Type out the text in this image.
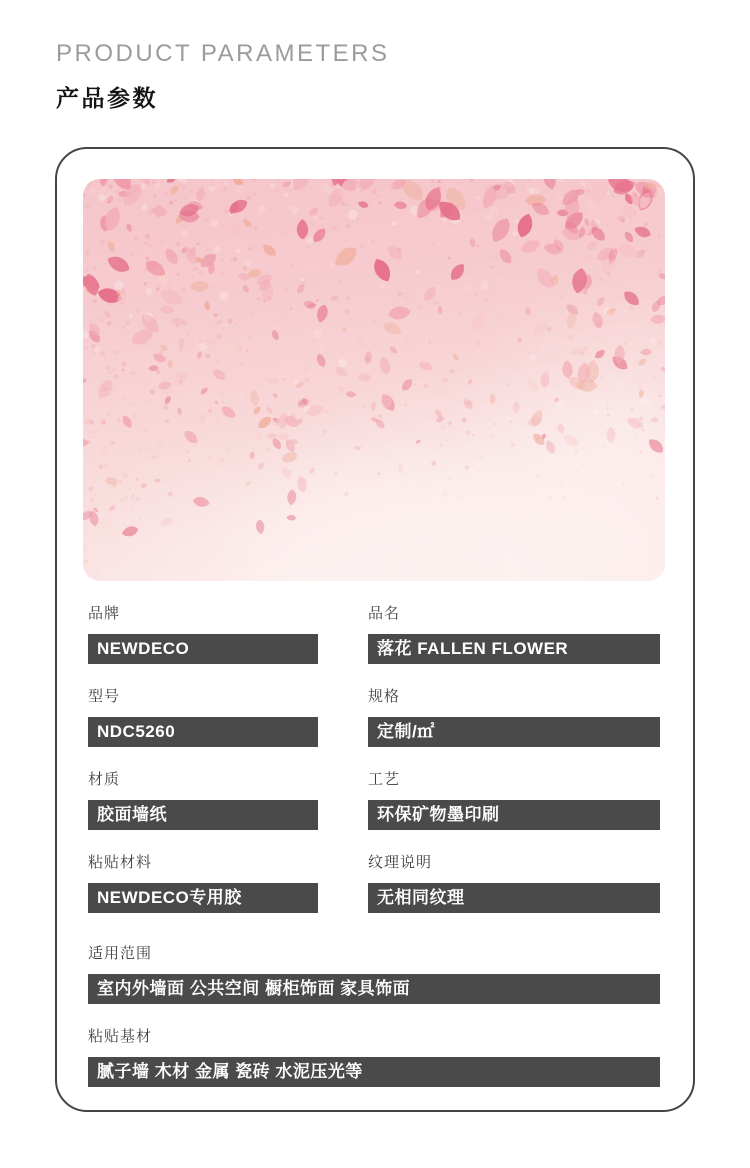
PRODUCT PARAMETERS
产品参数
品牌
NEWDECO
品名
落花 FALLEN FLOWER
型号
NDC5260
规格
定制/㎡
材质
胶面墙纸
工艺
环保矿物墨印刷
粘贴材料
NEWDECO专用胶
纹理说明
无相同纹理
适用范围
室内外墙面 公共空间 橱柜饰面 家具饰面
粘贴基材
腻子墙 木材 金属 瓷砖 水泥压光等
